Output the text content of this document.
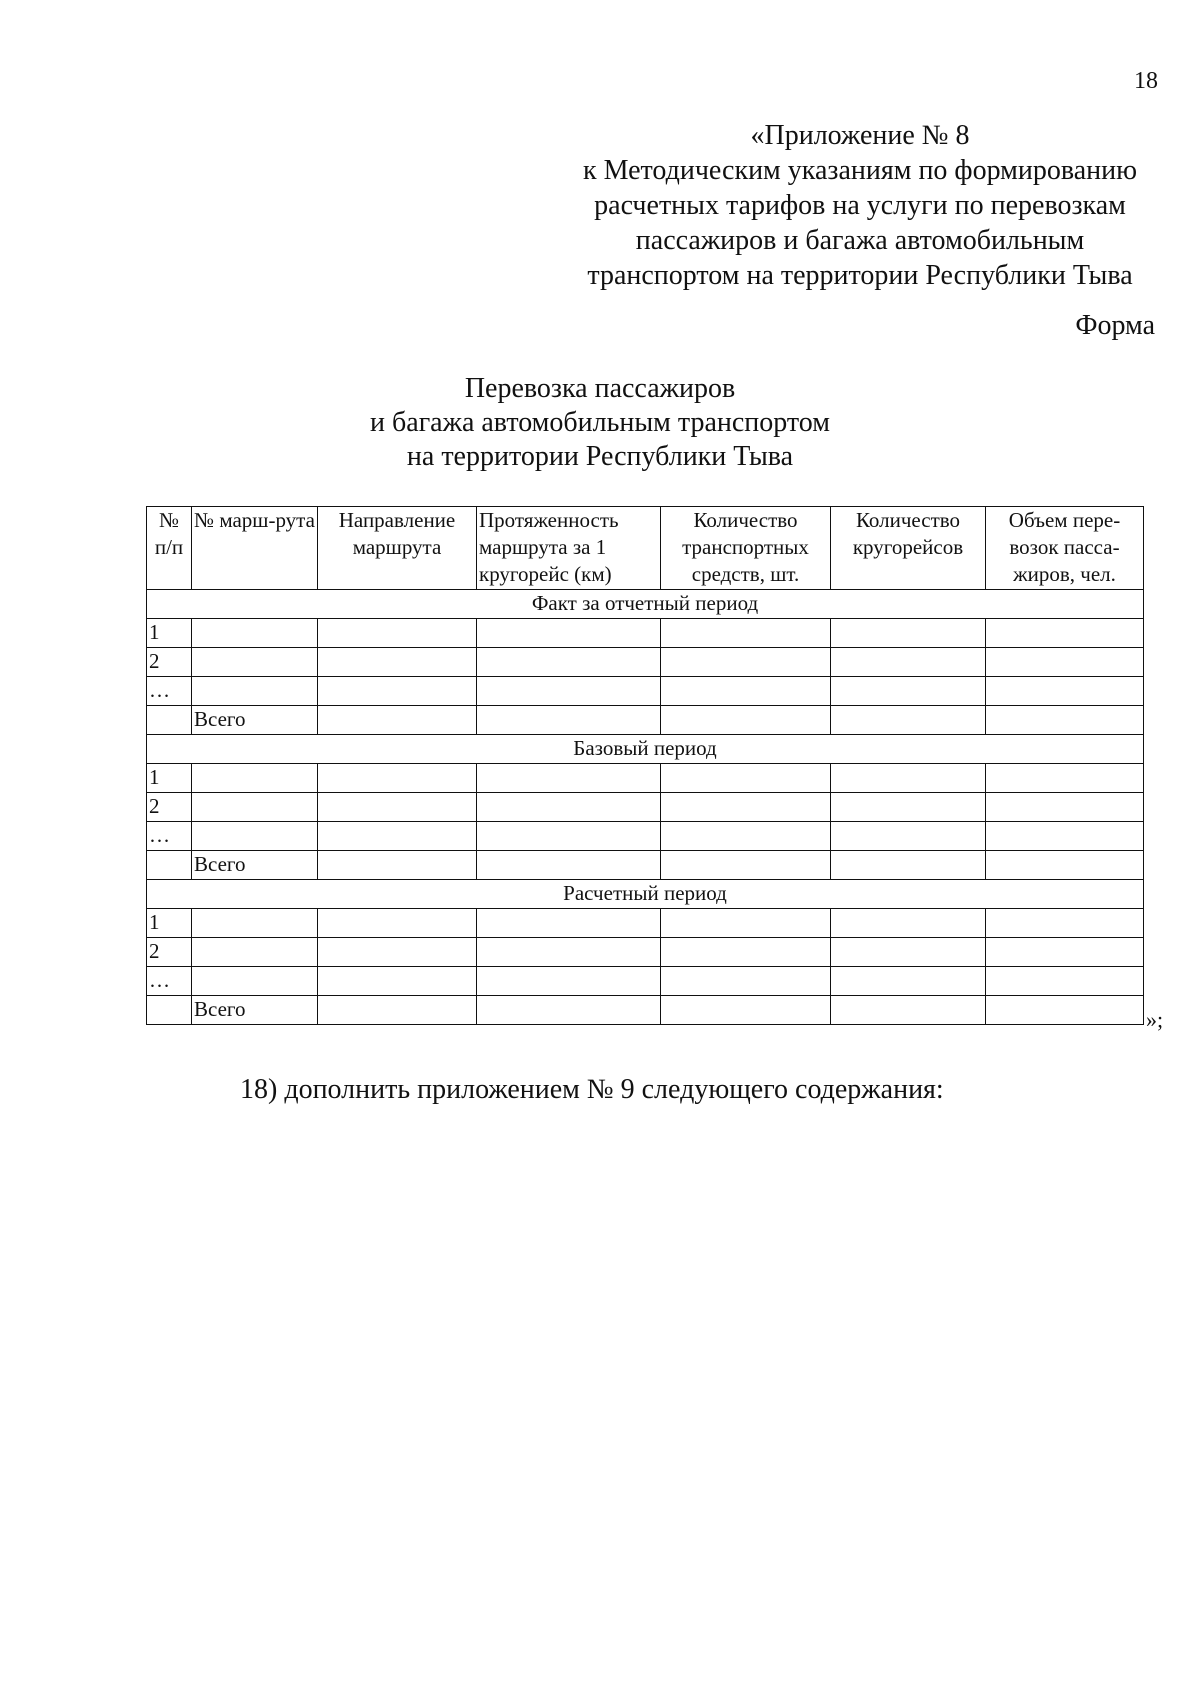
18
«Приложение № 8
к Методическим указаниям по формированию
расчетных тарифов на услуги по перевозкам
пассажиров и багажа автомобильным
транспортом на территории Республики Тыва
Форма
Перевозка пассажиров
и багажа автомобильным транспортом
на территории Республики Тыва
№ п/п	№ марш-рута	Направление маршрута	Протяженность маршрута за 1 кругорейс (км)	Количество транспортных средств, шт.	Количество кругорейсов	Объем пере-возок пасса-жиров, чел.
Факт за отчетный период						
1						
2						
…						
	Всего					
Базовый период						
1						
2						
…						
	Всего					
Расчетный период						
1						
2						
…						
	Всего						»;
18) дополнить приложением № 9 следующего содержания:
